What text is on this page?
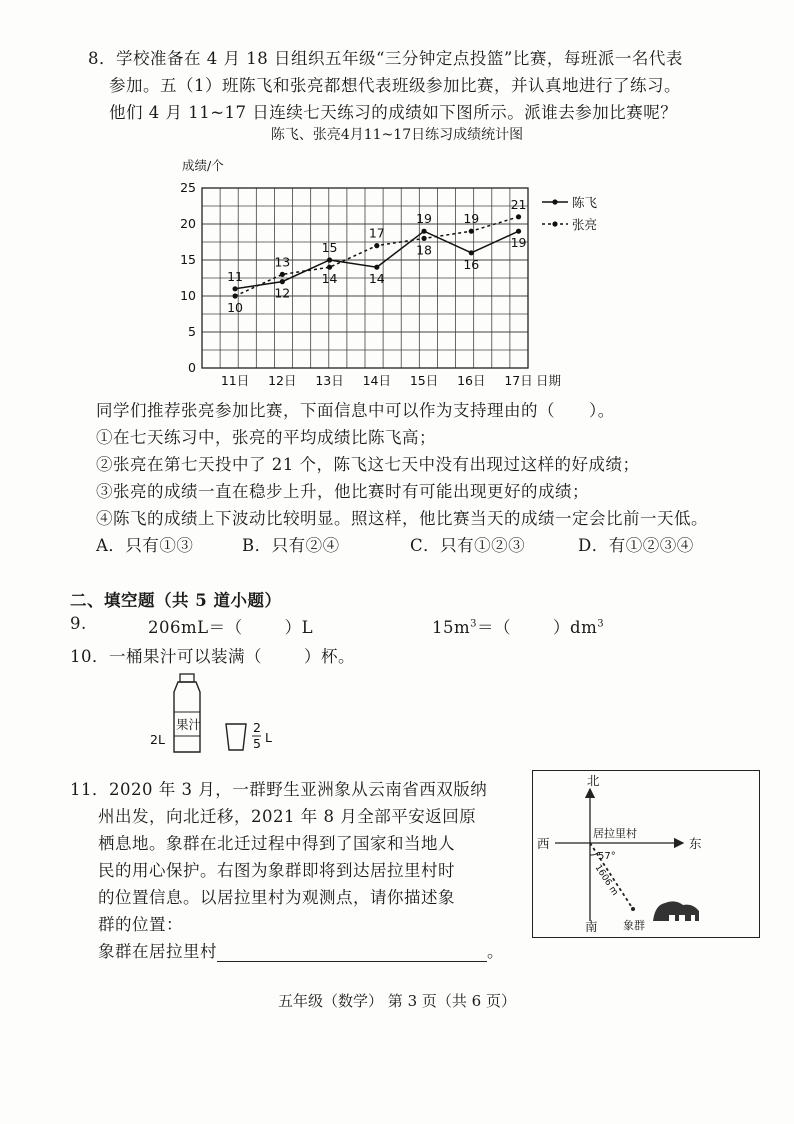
8．学校准备在 4 月 18 日组织五年级“三分钟定点投篮”比赛，每班派一名代表
参加。五（1）班陈飞和张亮都想代表班级参加比赛，并认真地进行了练习。
他们 4 月 11~17 日连续七天练习的成绩如下图所示。派谁去参加比赛呢？
陈飞、张亮4月11~17日练习成绩统计图
0
5
10
15
20
25
成绩/个
11日 12日 13日 14日 15日 16日 17日 日期
11
12
15
14
19
16
19
陈飞
10
13
14
17
18
19
21
张亮
同学们推荐张亮参加比赛，下面信息中可以作为支持理由的（　　）。
①在七天练习中，张亮的平均成绩比陈飞高；
②张亮在第七天投中了 21 个，陈飞这七天中没有出现过这样的好成绩；
③张亮的成绩一直在稳步上升，他比赛时有可能出现更好的成绩；
④陈飞的成绩上下波动比较明显。照这样，他比赛当天的成绩一定会比前一天低。
A．只有①③	B．只有②④	C．只有①②③	D．有①②③④
二、填空题（共 5 道小题）
9.	206mL＝（	）L	$15m^3=$（	）$dm^3$
10．一桶果汁可以装满（	）杯。
果汁
2L
2
5 L
11．2020 年 3 月，一群野生亚洲象从云南省西双版纳
州出发，向北迁移，2021 年 8 月全部平安返回原
栖息地。象群在北迁过程中得到了国家和当地人
民的用心保护。右图为象群即将到达居拉里村时
的位置信息。以居拉里村为观测点，请你描述象
群的位置：
象群在居拉里村	。
北
西	东
南
居拉里村
57°
1606 m
象群
五年级（数学） 第 3 页（共 6 页）
